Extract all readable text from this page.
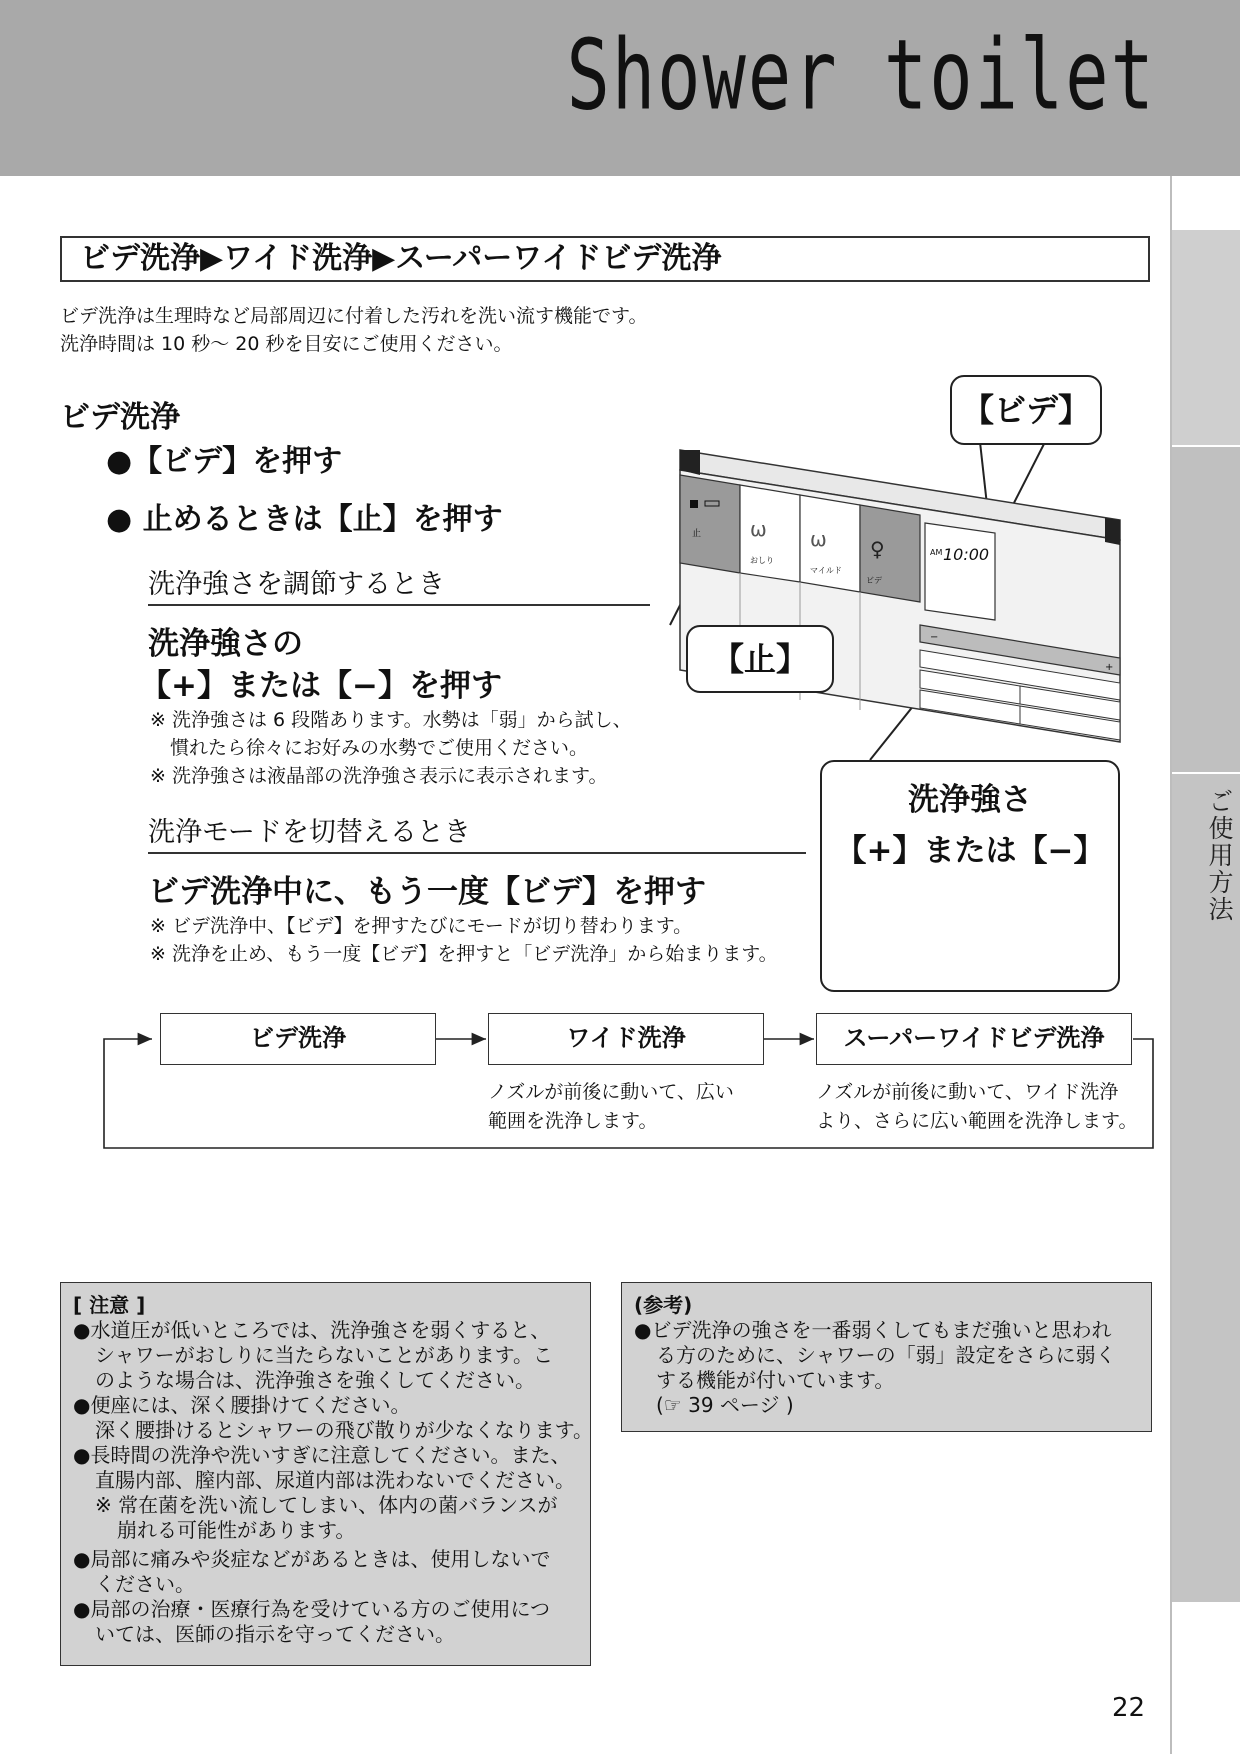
Shower toilet
ご使用方法
ビデ洗浄▶ワイド洗浄▶スーパーワイドビデ洗浄
ビデ洗浄は生理時など局部周辺に付着した汚れを洗い流す機能です。
洗浄時間は 10 秒～ 20 秒を目安にご使用ください。
ビデ洗浄
●【ビデ】を押す
● 止めるときは【止】を押す
洗浄強さを調節するとき
洗浄強さの
【+】または【−】を押す
※ 洗浄強さは 6 段階あります。水勢は「弱」から試し、
慣れたら徐々にお好みの水勢でご使用ください。
※ 洗浄強さは液晶部の洗浄強さ表示に表示されます。
洗浄モードを切替えるとき
ビデ洗浄中に、もう一度【ビデ】を押す
※ ビデ洗浄中、【ビデ】を押すたびにモードが切り替わります。
※ 洗浄を止め、もう一度【ビデ】を押すと「ビデ洗浄」から始まります。
AM 10:00
止 ω
おしり
ω
マイルド
♀
ビデ
−
+
【ビデ】
【止】
洗浄強さ
【+】または【−】
ビデ洗浄	ワイド洗浄	スーパーワイドビデ洗浄
ノズルが前後に動いて、広い
範囲を洗浄します。
ノズルが前後に動いて、ワイド洗浄
より、さらに広い範囲を洗浄します。
[ 注意 ]
●水道圧が低いところでは、洗浄強さを弱くすると、
シャワーがおしりに当たらないことがあります。こ
のような場合は、洗浄強さを強くしてください。
●便座には、深く腰掛けてください。
深く腰掛けるとシャワーの飛び散りが少なくなります。
●長時間の洗浄や洗いすぎに注意してください。また、
直腸内部、膣内部、尿道内部は洗わないでください。
※ 常在菌を洗い流してしまい、体内の菌バランスが
崩れる可能性があります。
●局部に痛みや炎症などがあるときは、使用しないで
ください。
●局部の治療・医療行為を受けている方のご使用につ
いては、医師の指示を守ってください。
(参考)
●ビデ洗浄の強さを一番弱くしてもまだ強いと思われ
る方のために、シャワーの「弱」設定をさらに弱く
する機能が付いています。
(☞ 39 ページ )
22
